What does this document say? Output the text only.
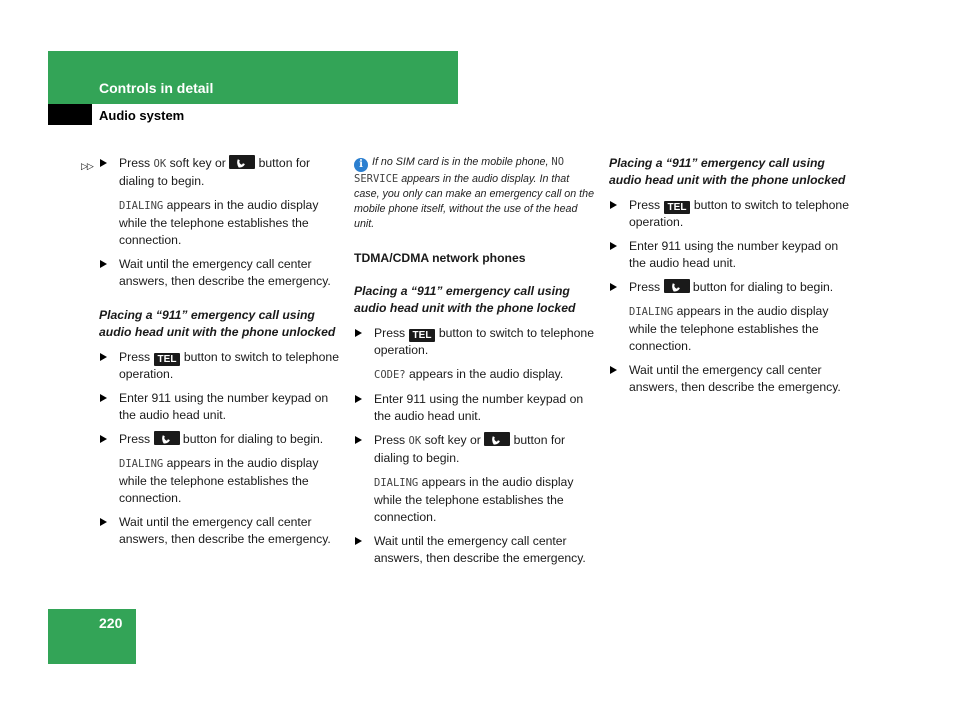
Controls in detail
Audio system
▷▷ Press OK soft key or
button for dialing to begin.
DIALING appears in the audio display while the telephone establishes the connection.
Wait until the emergency call center answers, then describe the emergency.
Placing a “911” emergency call using audio head unit with the phone unlocked
Press TEL button to switch to telephone operation.
Enter 911 using the number keypad on the audio head unit.
Press
button for dialing to begin.
DIALING appears in the audio display while the telephone establishes the connection.
Wait until the emergency call center answers, then describe the emergency.
i If no SIM card is in the mobile phone, NO SERVICE appears in the audio display. In that case, you only can make an emergency call on the mobile phone itself, without the use of the head unit.
TDMA/CDMA network phones
Placing a “911” emergency call using audio head unit with the phone locked
Press TEL button to switch to telephone operation.
CODE? appears in the audio display.
Enter 911 using the number keypad on the audio head unit.
Press OK soft key or
button for dialing to begin.
DIALING appears in the audio display while the telephone establishes the connection.
Wait until the emergency call center answers, then describe the emergency.
Placing a “911” emergency call using audio head unit with the phone unlocked
Press TEL button to switch to telephone operation.
Enter 911 using the number keypad on the audio head unit.
Press
button for dialing to begin.
DIALING appears in the audio display while the telephone establishes the connection.
Wait until the emergency call center answers, then describe the emergency.
220
